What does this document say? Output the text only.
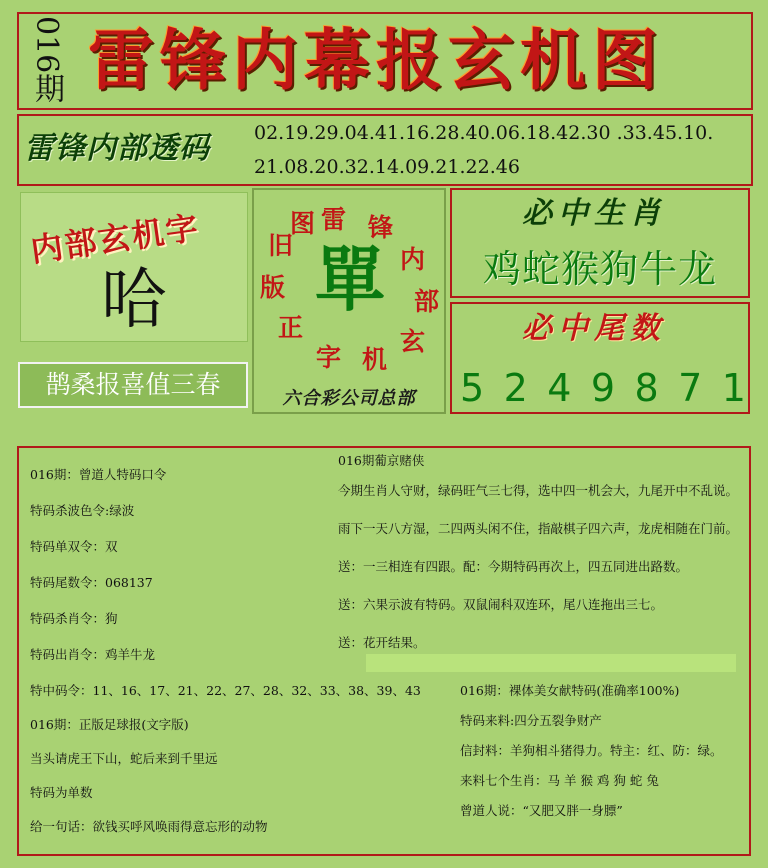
016期 雷锋内幕报玄机图
雷锋内部透码	02.19.29.04.41.16.28.40.06.18.42.30 .33.45.10.
21.08.20.32.14.09.21.22.46
内部玄机字
哈
鹊桑报喜值三春
雷 锋
内
部
玄
机
字
正
版
旧
图
單
六合彩公司总部
必中生肖
鸡蛇猴狗牛龙
必中尾数
5 2 4 9 8 7 1
016期：曾道人特码口令
特码杀波色令:绿波
特码单双令：双
特码尾数令：068137
特码杀肖令：狗
特码出肖令：鸡羊牛龙
016期葡京赌侠
今期生肖人守财，绿码旺气三七得，选中四一机会大，九尾开中不乱说。
雨下一天八方湿，二四两头闲不住，指敲棋子四六声，龙虎相随在门前。
送：一三相连有四跟。配：今期特码再次上，四五同进出路数。
送：六果示波有特码。双鼠闹科双连环，尾八连拖出三七。
送：花开结果。
特中码令：11、16、17、21、22、27、28、32、33、38、39、43
016期：正版足球报(文字版)
当头请虎王下山，蛇后来到千里远
特码为单数
给一句话：欲钱买呼风唤雨得意忘形的动物
016期：裸体美女献特码(准确率100%)
特码来料:四分五裂争财产
信封料：羊狗相斗猪得力。特主：红、防：绿。
来料七个生肖：马 羊 猴 鸡 狗 蛇 兔
曾道人说：“又肥又胖一身膘”
